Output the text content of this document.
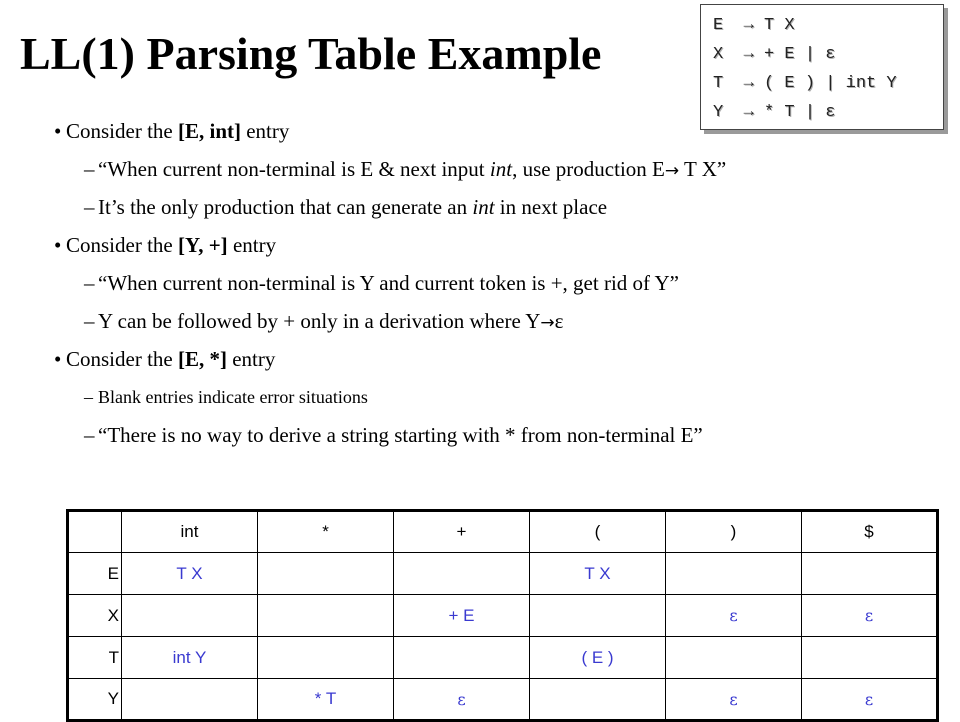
LL(1) Parsing Table Example
E  → T X
X  → + E | ε
T  → ( E ) | int Y
Y  → * T | ε
• Consider the [E, int] entry
– “When current non-terminal is E & next input int, use production E→ T X”
– It’s the only production that can generate an int in next place
• Consider the [Y, +] entry
– “When current non-terminal is Y and current token is +, get rid of Y”
– Y can be followed by + only in a derivation where Y→ε
• Consider the [E, *] entry
– Blank entries indicate error situations
– “There is no way to derive a string starting with * from non-terminal E”
	int	*	+	(	)	$
E	T X			T X		
X			+ E		ε	ε
T	int Y			( E )		
Y		* T	ε		ε	ε
